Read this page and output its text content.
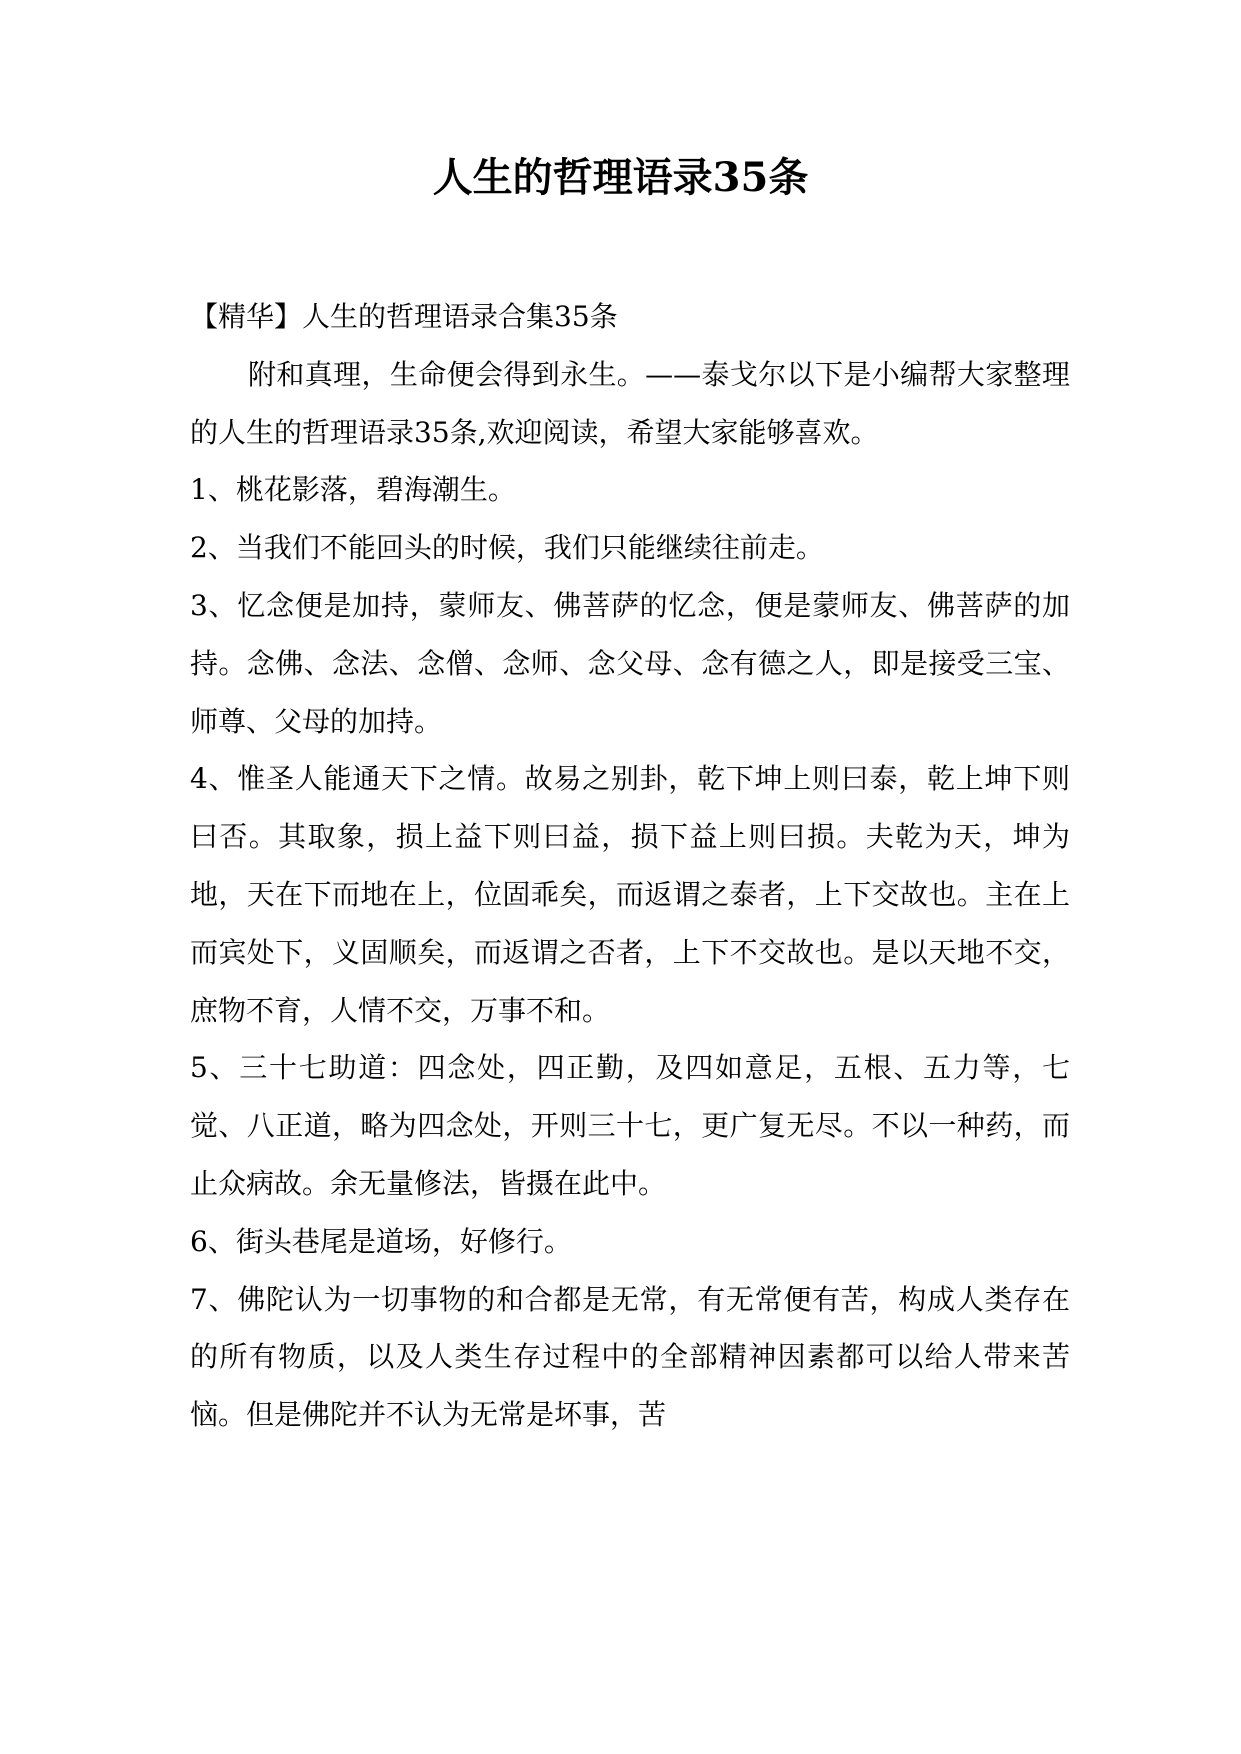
人生的哲理语录35条

【精华】人生的哲理语录合集35条

附和真理，生命便会得到永生。——泰戈尔以下是小编帮大家整理的人生的哲理语录35条,欢迎阅读，希望大家能够喜欢。

1、桃花影落，碧海潮生。

2、当我们不能回头的时候，我们只能继续往前走。

3、忆念便是加持，蒙师友、佛菩萨的忆念，便是蒙师友、佛菩萨的加持。念佛、念法、念僧、念师、念父母、念有德之人，即是接受三宝、师尊、父母的加持。

4、惟圣人能通天下之情。故易之别卦，乾下坤上则曰泰，乾上坤下则曰否。其取象，损上益下则曰益，损下益上则曰损。夫乾为天，坤为地，天在下而地在上，位固乖矣，而返谓之泰者，上下交故也。主在上而宾处下，义固顺矣，而返谓之否者，上下不交故也。是以天地不交，庶物不育，人情不交，万事不和。

5、三十七助道：四念处，四正勤，及四如意足，五根、五力等，七觉、八正道，略为四念处，开则三十七，更广复无尽。不以一种药，而止众病故。余无量修法，皆摄在此中。

6、街头巷尾是道场，好修行。

7、佛陀认为一切事物的和合都是无常，有无常便有苦，构成人类存在的所有物质，以及人类生存过程中的全部精神因素都可以给人带来苦恼。但是佛陀并不认为无常是坏事，苦
